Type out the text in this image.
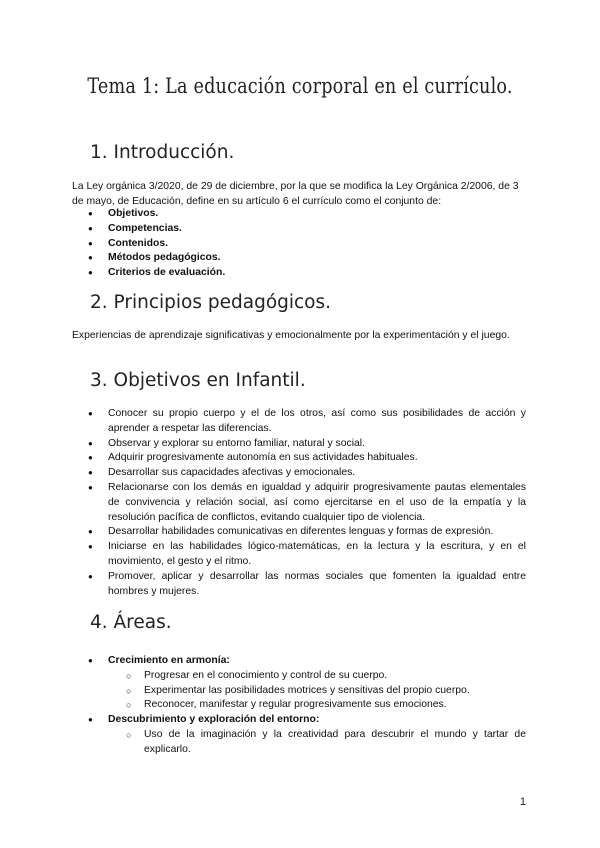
Tema 1: La educación corporal en el currículo.
1. Introducción.

La Ley orgánica 3/2020, de 29 de diciembre, por la que se modifica la Ley Orgánica 2/2006, de 3 de mayo, de Educación, define en su artículo 6 el currículo como el conjunto de:

● Objetivos.
● Competencias.
● Contenidos.
● Métodos pedagógicos.
● Criterios de evaluación.
2. Principios pedagógicos.

Experiencias de aprendizaje significativas y emocionalmente por la experimentación y el juego.

3. Objetivos en Infantil.
● Conocer su propio cuerpo y el de los otros, así como sus posibilidades de acción y aprender a respetar las diferencias.
● Observar y explorar su entorno familiar, natural y social.
● Adquirir progresivamente autonomía en sus actividades habituales.
● Desarrollar sus capacidades afectivas y emocionales.
● Relacionarse con los demás en igualdad y adquirir progresivamente pautas elementales de convivencia y relación social, así como ejercitarse en el uso de la empatía y la resolución pacífica de conflictos, evitando cualquier tipo de violencia.
● Desarrollar habilidades comunicativas en diferentes lenguas y formas de expresión.
● Iniciarse en las habilidades lógico-matemáticas, en la lectura y la escritura, y en el movimiento, el gesto y el ritmo.
● Promover, aplicar y desarrollar las normas sociales que fomenten la igualdad entre hombres y mujeres.
4. Áreas.
● Crecimiento en armonía:
○ Progresar en el conocimiento y control de su cuerpo.
○ Experimentar las posibilidades motrices y sensitivas del propio cuerpo.
○ Reconocer, manifestar y regular progresivamente sus emociones.
● Descubrimiento y exploración del entorno:
○ Uso de la imaginación y la creatividad para descubrir el mundo y tartar de explicarlo.
1
